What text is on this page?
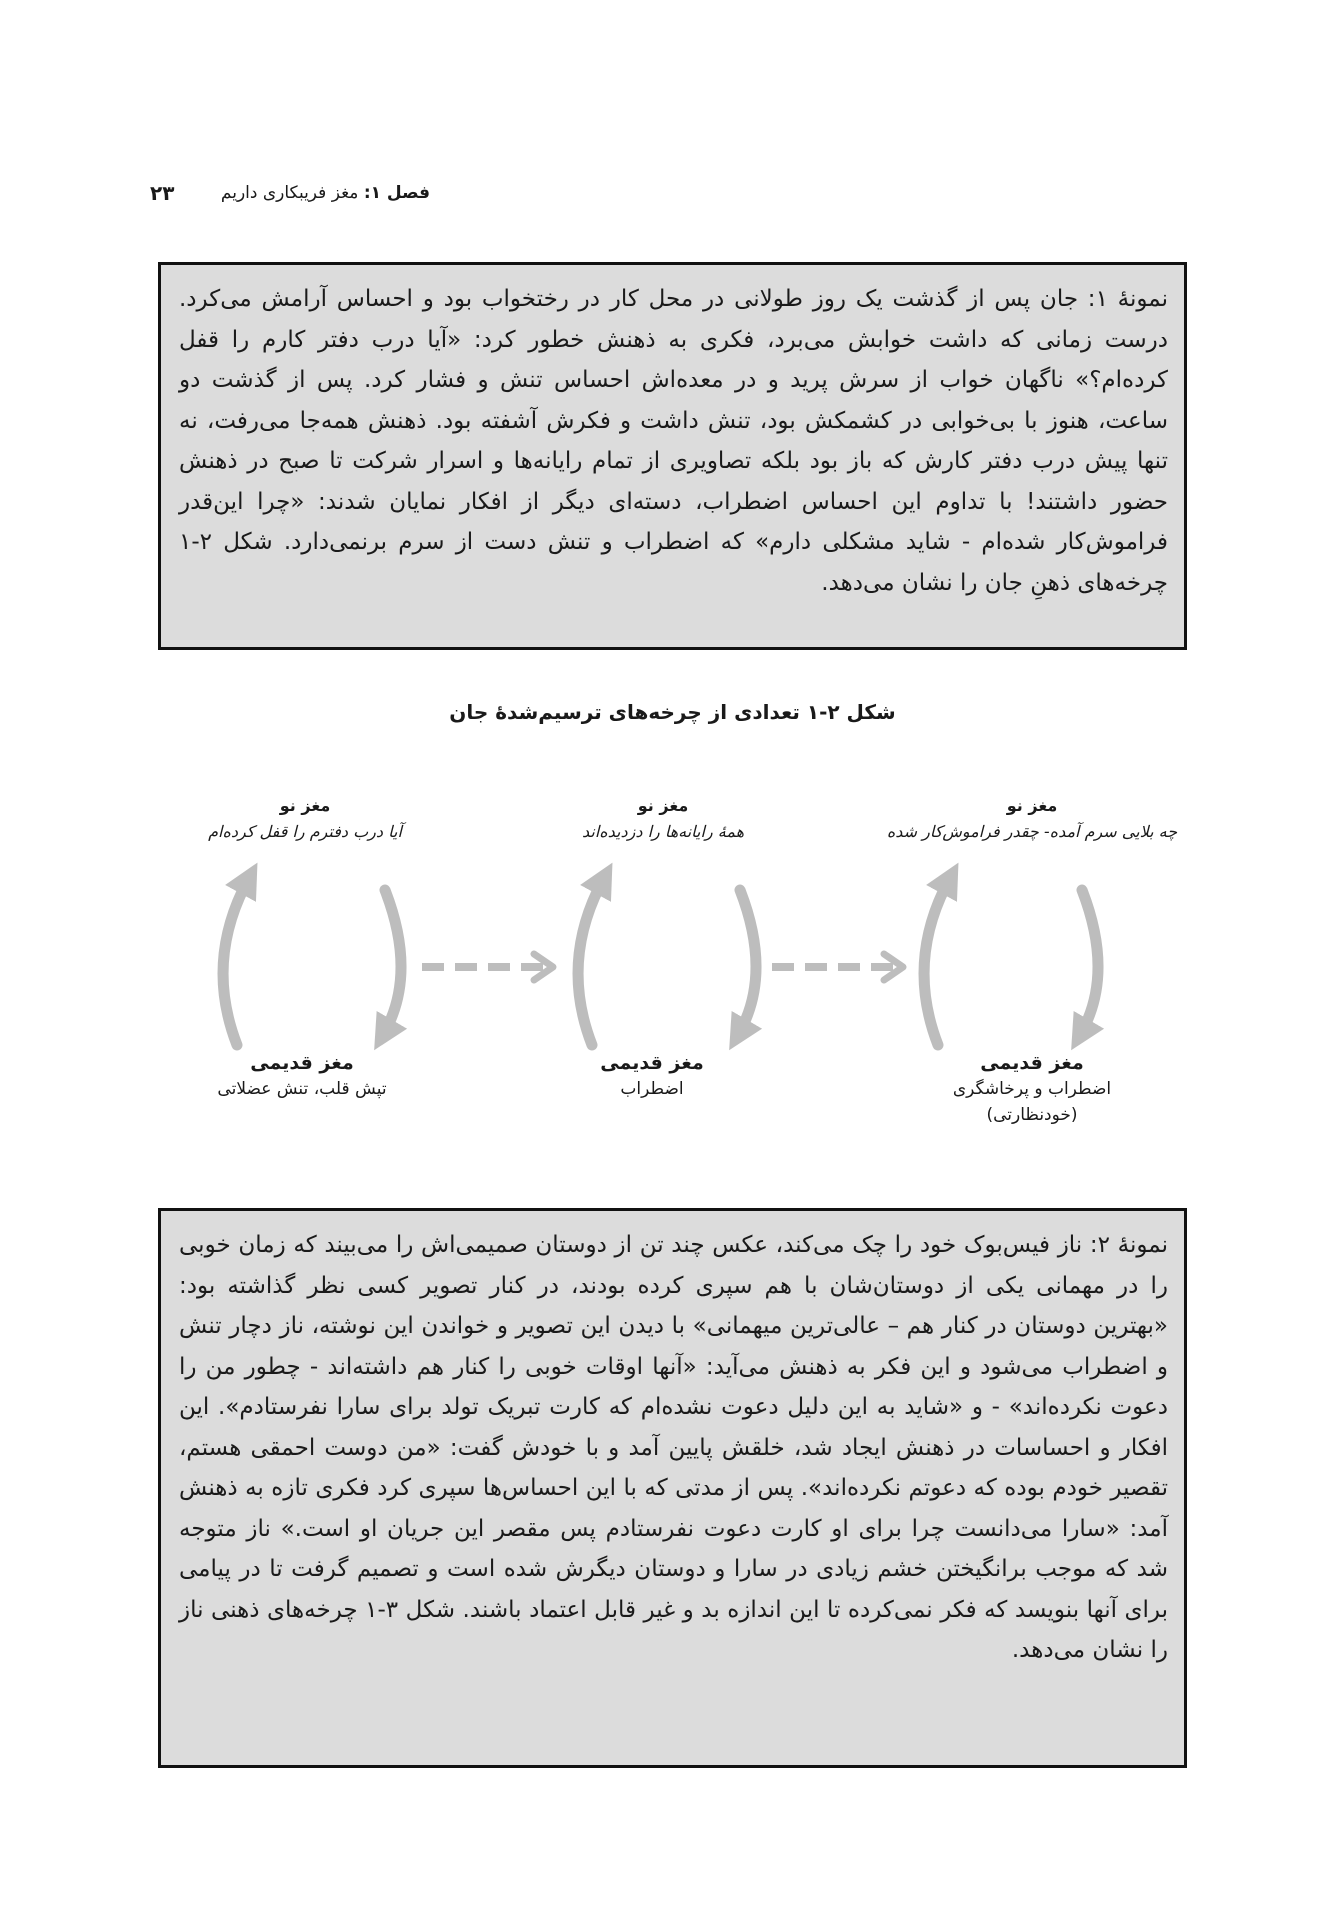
۲۳	فصل ۱: مغز فریبکاری داریم

نمونهٔ ۱: جان پس از گذشت یک روز طولانی در محل کار در رختخواب بود و احساس آرامش می‌کرد. درست زمانی که داشت خوابش می‌برد، فکری به ذهنش خطور کرد: «آیا درب دفتر کارم را قفل کرده‌ام؟» ناگهان خواب از سرش پرید و در معده‌اش احساس تنش و فشار کرد. پس از گذشت دو ساعت، هنوز با بی‌خوابی در کشمکش بود، تنش داشت و فکرش آشفته بود. ذهنش همه‌جا می‌رفت، نه تنها پیش درب دفتر کارش که باز بود بلکه تصاویری از تمام رایانه‌ها و اسرار شرکت تا صبح در ذهنش حضور داشتند! با تداوم این احساس اضطراب، دسته‌ای دیگر از افکار نمایان شدند: «چرا این‌قدر فراموش‌کار شده‌ام - شاید مشکلی دارم» که اضطراب و تنش دست از سرم برنمی‌دارد. شکل ۲-۱ چرخه‌های ذهنِ جان را نشان می‌دهد.

شکل ۲-۱ تعدادی از چرخه‌های ترسیم‌شدهٔ جان
مغز نو
چه بلایی سرم آمده- چقدر فراموش‌کار شده
مغز قدیمی
اضطراب و پرخاشگری
(خودنظارتی)
مغز نو
همهٔ رایانه‌ها را دزدیده‌اند
مغز قدیمی
اضطراب
مغز نو
آیا درب دفترم را قفل کرده‌ام
مغز قدیمی
تپش قلب، تنش عضلاتی

نمونهٔ ۲: ناز فیس‌بوک خود را چک می‌کند، عکس چند تن از دوستان صمیمی‌اش را می‌بیند که زمان خوبی را در مهمانی یکی از دوستان‌شان با هم سپری کرده بودند، در کنار تصویر کسی نظر گذاشته بود: «بهترین دوستان در کنار هم – عالی‌ترین میهمانی» با دیدن این تصویر و خواندن این نوشته، ناز دچار تنش و اضطراب می‌شود و این فکر به ذهنش می‌آید: «آنها اوقات خوبی را کنار هم داشته‌اند - چطور من را دعوت نکرده‌اند» - و «شاید به این دلیل دعوت نشده‌ام که کارت تبریک تولد برای سارا نفرستادم». این افکار و احساسات در ذهنش ایجاد شد، خلقش پایین آمد و با خودش گفت: «من دوست احمقی هستم، تقصیر خودم بوده که دعوتم نکرده‌اند». پس از مدتی که با این احساس‌ها سپری کرد فکری تازه به ذهنش آمد: «سارا می‌دانست چرا برای او کارت دعوت نفرستادم پس مقصر این جریان او است.» ناز متوجه شد که موجب برانگیختن خشم زیادی در سارا و دوستان دیگرش شده است و تصمیم گرفت تا در پیامی برای آنها بنویسد که فکر نمی‌کرده تا این اندازه بد و غیر قابل اعتماد باشند. شکل ۳-۱ چرخه‌های ذهنی ناز را نشان می‌دهد.
